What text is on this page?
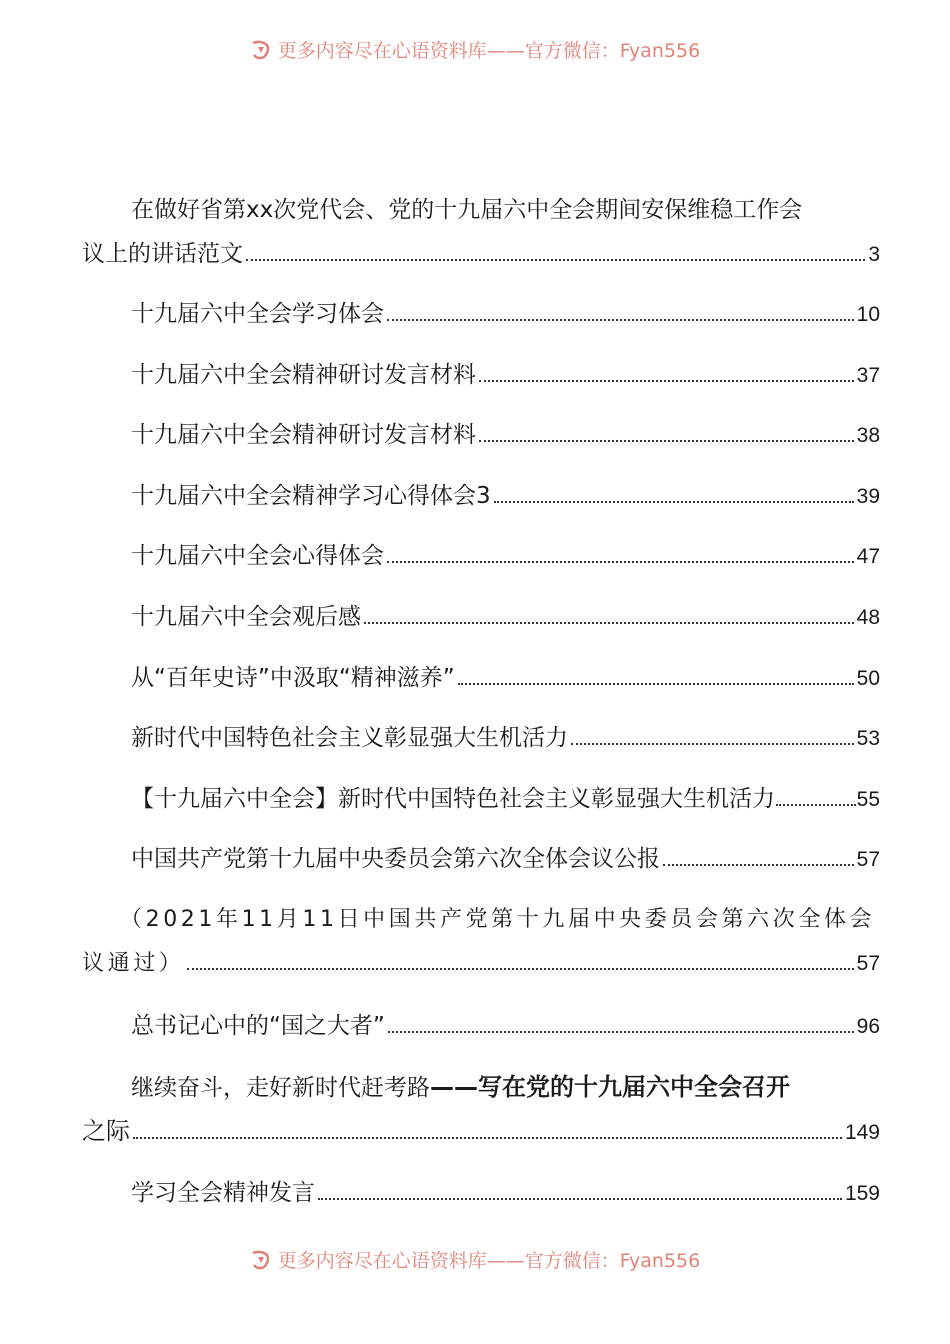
更多内容尽在心语资料库——官方微信：Fyan556
在做好省第xx次党代会、党的十九届六中全会期间安保维稳工作会
议上的讲话范文	3
十九届六中全会学习体会	10
十九届六中全会精神研讨发言材料	37
十九届六中全会精神研讨发言材料	38
十九届六中全会精神学习心得体会3	39
十九届六中全会心得体会	47
十九届六中全会观后感	48
从“百年史诗”中汲取“精神滋养”	50
新时代中国特色社会主义彰显强大生机活力	53
【十九届六中全会】新时代中国特色社会主义彰显强大生机活力	55
中国共产党第十九届中央委员会第六次全体会议公报	57
（2021年11月11日中国共产党第十九届中央委员会第六次全体会
议通过）	57
总书记心中的“国之大者”	96
继续奋斗，走好新时代赶考路 ——写在党的十九届六中全会召开
之际	149
学习全会精神发言	159
更多内容尽在心语资料库——官方微信：Fyan556
